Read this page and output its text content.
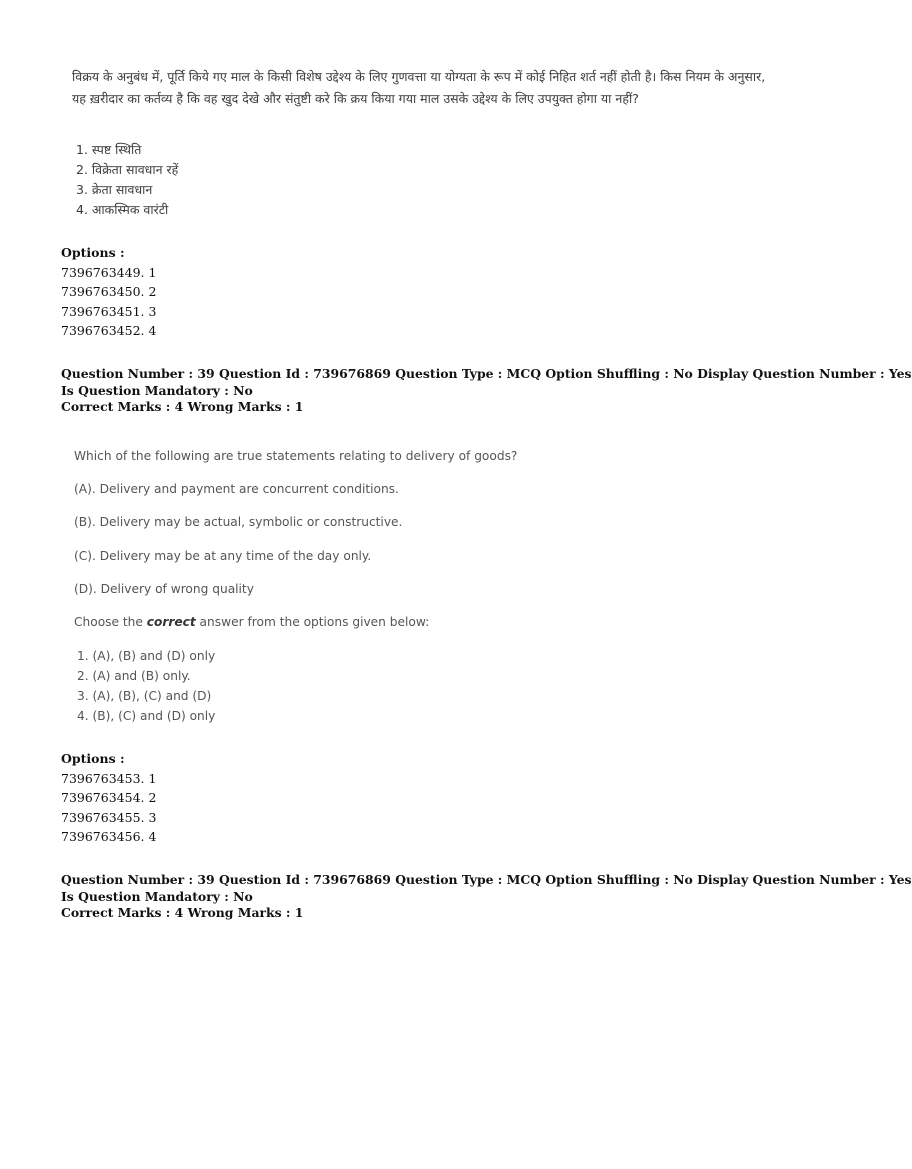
विक्रय के अनुबंध में, पूर्ति किये गए माल के किसी विशेष उद्देश्य के लिए गुणवत्ता या योग्यता के रूप में कोई निहित शर्त नहीं होती है। किस नियम के अनुसार, यह ख़रीदार का कर्तव्य है कि वह खुद देखे और संतुष्टी करे कि क्रय किया गया माल उसके उद्देश्य के लिए उपयुक्त होगा या नहीं?
1. स्पष्ट स्थिति
2. विक्रेता सावधान रहें
3. क्रेता सावधान
4. आकस्मिक वारंटी
Options :
7396763449. 1
7396763450. 2
7396763451. 3
7396763452. 4
Question Number : 39 Question Id : 739676869 Question Type : MCQ Option Shuffling : No Display Question Number : Yes
Is Question Mandatory : No
Correct Marks : 4 Wrong Marks : 1
Which of the following are true statements relating to delivery of goods?
(A). Delivery and payment are concurrent conditions.
(B). Delivery may be actual, symbolic or constructive.
(C). Delivery may be at any time of the day only.
(D). Delivery of wrong quality
Choose the correct answer from the options given below:
1. (A), (B) and (D) only
2. (A) and (B) only.
3. (A), (B), (C) and (D)
4. (B), (C) and (D) only
Options :
7396763453. 1
7396763454. 2
7396763455. 3
7396763456. 4
Question Number : 39 Question Id : 739676869 Question Type : MCQ Option Shuffling : No Display Question Number : Yes
Is Question Mandatory : No
Correct Marks : 4 Wrong Marks : 1
